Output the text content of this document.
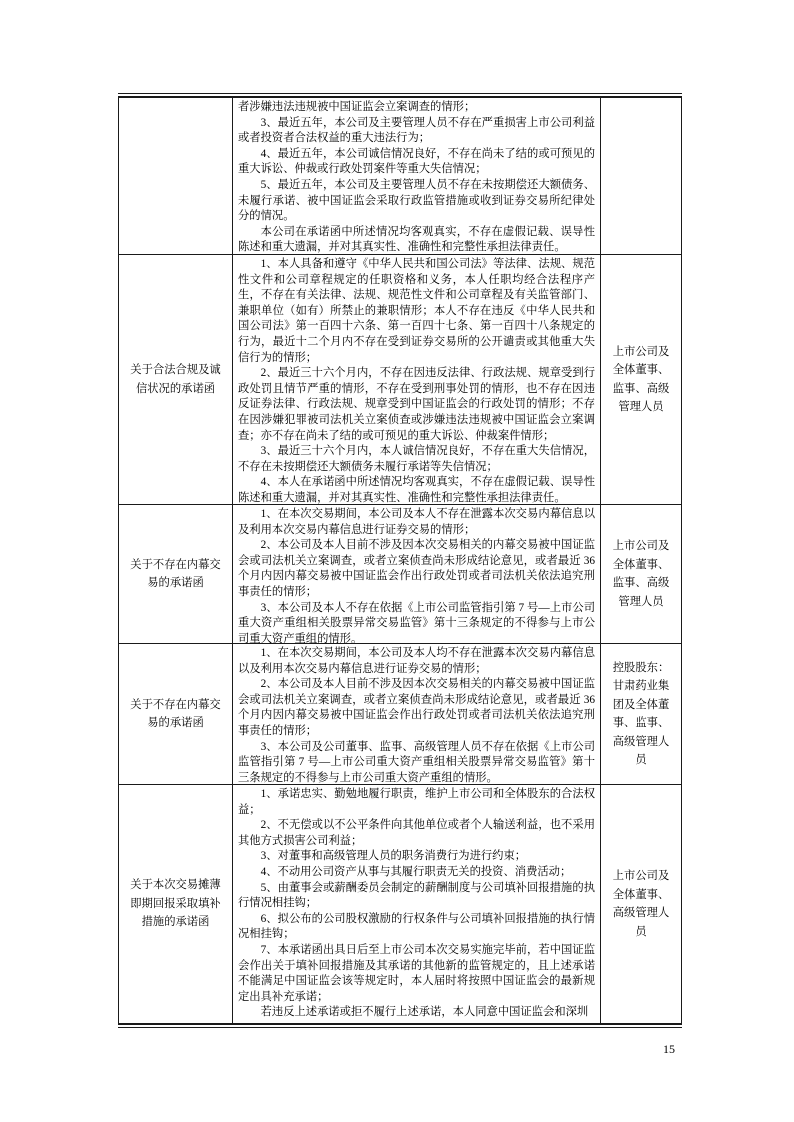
者涉嫌违法违规被中国证监会立案调查的情形；

3、最近五年，本公司及主要管理人员不存在严重损害上市公司利益或者投资者合法权益的重大违法行为；

4、最近五年，本公司诚信情况良好，不存在尚未了结的或可预见的重大诉讼、仲裁或行政处罚案件等重大失信情况；

5、最近五年，本公司及主要管理人员不存在未按期偿还大额债务、未履行承诺、被中国证监会采取行政监管措施或收到证券交易所纪律处分的情况。

本公司在承诺函中所述情况均客观真实，不存在虚假记载、误导性陈述和重大遗漏，并对其真实性、准确性和完整性承担法律责任。

关于合法合规及诚信状况的承诺函

1、本人具备和遵守《中华人民共和国公司法》等法律、法规、规范性文件和公司章程规定的任职资格和义务，本人任职均经合法程序产生，不存在有关法律、法规、规范性文件和公司章程及有关监管部门、兼职单位（如有）所禁止的兼职情形；本人不存在违反《中华人民共和国公司法》第一百四十六条、第一百四十七条、第一百四十八条规定的行为，最近十二个月内不存在受到证券交易所的公开谴责或其他重大失信行为的情形；

2、最近三十六个月内，不存在因违反法律、行政法规、规章受到行政处罚且情节严重的情形，不存在受到刑事处罚的情形，也不存在因违反证券法律、行政法规、规章受到中国证监会的行政处罚的情形；不存在因涉嫌犯罪被司法机关立案侦查或涉嫌违法违规被中国证监会立案调查；亦不存在尚未了结的或可预见的重大诉讼、仲裁案件情形；

3、最近三十六个月内，本人诚信情况良好，不存在重大失信情况，不存在未按期偿还大额债务未履行承诺等失信情况；

4、本人在承诺函中所述情况均客观真实，不存在虚假记载、误导性陈述和重大遗漏，并对其真实性、准确性和完整性承担法律责任。

上市公司及全体董事、监事、高级管理人员
关于不存在内幕交易的承诺函

1、在本次交易期间，本公司及本人不存在泄露本次交易内幕信息以及利用本次交易内幕信息进行证券交易的情形；

2、本公司及本人目前不涉及因本次交易相关的内幕交易被中国证监会或司法机关立案调查，或者立案侦查尚未形成结论意见，或者最近 36 个月内因内幕交易被中国证监会作出行政处罚或者司法机关依法追究刑事责任的情形；

3、本公司及本人不存在依据《上市公司监管指引第 7 号—上市公司重大资产重组相关股票异常交易监管》第十三条规定的不得参与上市公司重大资产重组的情形。

上市公司及全体董事、监事、高级管理人员
关于不存在内幕交易的承诺函

1、在本次交易期间，本公司及本人均不存在泄露本次交易内幕信息以及利用本次交易内幕信息进行证券交易的情形；

2、本公司及本人目前不涉及因本次交易相关的内幕交易被中国证监会或司法机关立案调查，或者立案侦查尚未形成结论意见，或者最近 36 个月内因内幕交易被中国证监会作出行政处罚或者司法机关依法追究刑事责任的情形；

3、本公司及公司董事、监事、高级管理人员不存在依据《上市公司监管指引第 7 号—上市公司重大资产重组相关股票异常交易监管》第十三条规定的不得参与上市公司重大资产重组的情形。

控股股东：甘肃药业集团及全体董事、监事、高级管理人员
关于本次交易摊薄即期回报采取填补措施的承诺函

1、承诺忠实、勤勉地履行职责，维护上市公司和全体股东的合法权益；

2、不无偿或以不公平条件向其他单位或者个人输送利益，也不采用其他方式损害公司利益；

3、对董事和高级管理人员的职务消费行为进行约束；

4、不动用公司资产从事与其履行职责无关的投资、消费活动；

5、由董事会或薪酬委员会制定的薪酬制度与公司填补回报措施的执行情况相挂钩；

6、拟公布的公司股权激励的行权条件与公司填补回报措施的执行情况相挂钩；

7、本承诺函出具日后至上市公司本次交易实施完毕前，若中国证监会作出关于填补回报措施及其承诺的其他新的监管规定的，且上述承诺不能满足中国证监会该等规定时，本人届时将按照中国证监会的最新规定出具补充承诺；

若违反上述承诺或拒不履行上述承诺，本人同意中国证监会和深圳

上市公司及全体董事、高级管理人员
15
